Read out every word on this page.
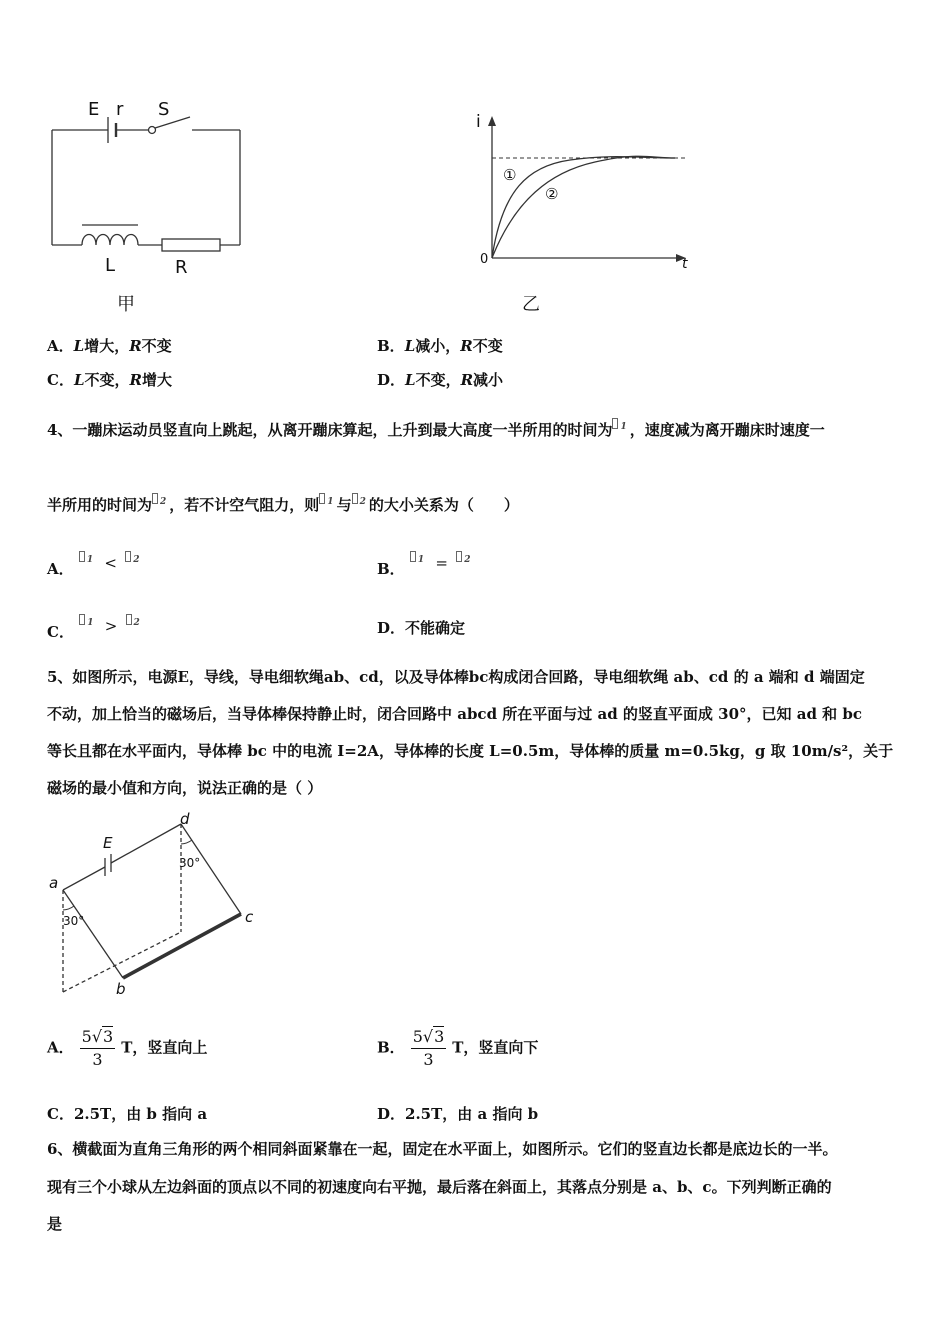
E r S
L	R
甲
i
t
0
①
②
乙
A．L增大，R不变	B．L减小，R不变
C．L不变，R增大	D．L不变，R减小
4、一蹦床运动员竖直向上跳起，从离开蹦床算起，上升到最大高度一半所用的时间为 $^1$ ，速度减为离开蹦床时速度一
半所用的时间为 $^2$ ，若不计空气阻力，则 $^1$ 与 $^2$ 的大小关系为（　　）
A． $^1$ < $^2$	B． $^1$ = $^2$
C． $^1$ > $^2$	D．不能确定
5、如图所示，电源E，导线，导电细软绳ab、cd，以及导体棒bc构成闭合回路，导电细软绳 ab、cd 的 a 端和 d 端固定
不动，加上恰当的磁场后，当导体棒保持静止时，闭合回路中 abcd 所在平面与过 ad 的竖直平面成 30°，已知 ad 和 bc
等长且都在水平面内，导体棒 bc 中的电流 I=2A，导体棒的长度 L=0.5m，导体棒的质量 m=0.5kg，g 取 10m/s²，关于
磁场的最小值和方向，说法正确的是（ ）
a
b
c
d
E
30°
30°
A． $\frac{5√3}{3}$ T，竖直向上	B． $\frac{5√3}{3}$ T，竖直向下
C．2.5T，由 b 指向 a	D．2.5T，由 a 指向 b
6、横截面为直角三角形的两个相同斜面紧靠在一起，固定在水平面上，如图所示。它们的竖直边长都是底边长的一半。
现有三个小球从左边斜面的顶点以不同的初速度向右平抛，最后落在斜面上，其落点分别是 a、b、c。下列判断正确的
是
